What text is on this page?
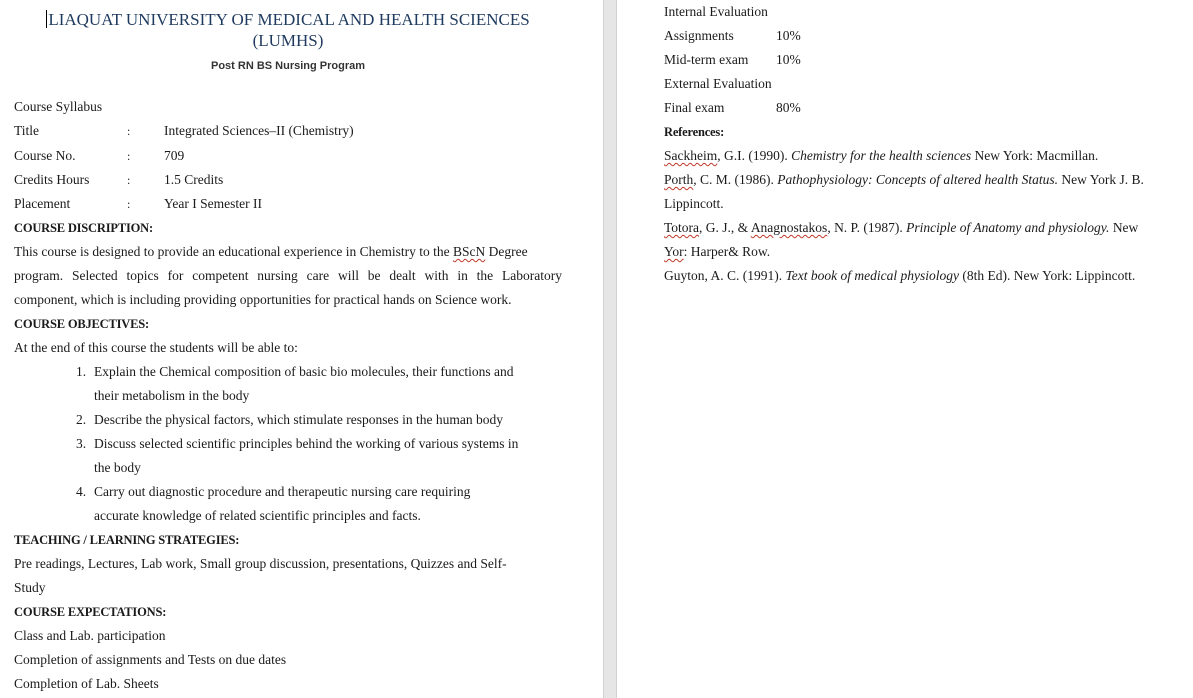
LIAQUAT UNIVERSITY OF MEDICAL AND HEALTH SCIENCES
(LUMHS)
Post RN BS Nursing Program
Course Syllabus
Title	: Integrated Sciences–II (Chemistry)
Course No.	: 709
Credits Hours	: 1.5 Credits
Placement	: Year I Semester II
COURSE DISCRIPTION:
This course is designed to provide an educational experience in Chemistry to the BScN Degree
program. Selected topics for competent nursing care will be dealt with in the Laboratory
component, which is including providing opportunities for practical hands on Science work.
COURSE OBJECTIVES:
At the end of this course the students will be able to:
1. Explain the Chemical composition of basic bio molecules, their functions and
their metabolism in the body
2. Describe the physical factors, which stimulate responses in the human body
3. Discuss selected scientific principles behind the working of various systems in
the body
4. Carry out diagnostic procedure and therapeutic nursing care requiring
accurate knowledge of related scientific principles and facts.
TEACHING / LEARNING STRATEGIES:
Pre readings, Lectures, Lab work, Small group discussion, presentations, Quizzes and Self-
Study
COURSE EXPECTATIONS:
Class and Lab. participation
Completion of assignments and Tests on due dates
Completion of Lab. Sheets
Internal Evaluation
Assignments	10%
Mid-term exam 10%
External Evaluation
Final exam	80%
References:
Sackheim, G.I. (1990). Chemistry for the health sciences New York: Macmillan.
Porth, C. M. (1986). Pathophysiology: Concepts of altered health Status. New York J. B.
Lippincott.
Totora, G. J., & Anagnostakos, N. P. (1987). Principle of Anatomy and physiology. New
Yor: Harper& Row.
Guyton, A. C. (1991). Text book of medical physiology (8th Ed). New York: Lippincott.
